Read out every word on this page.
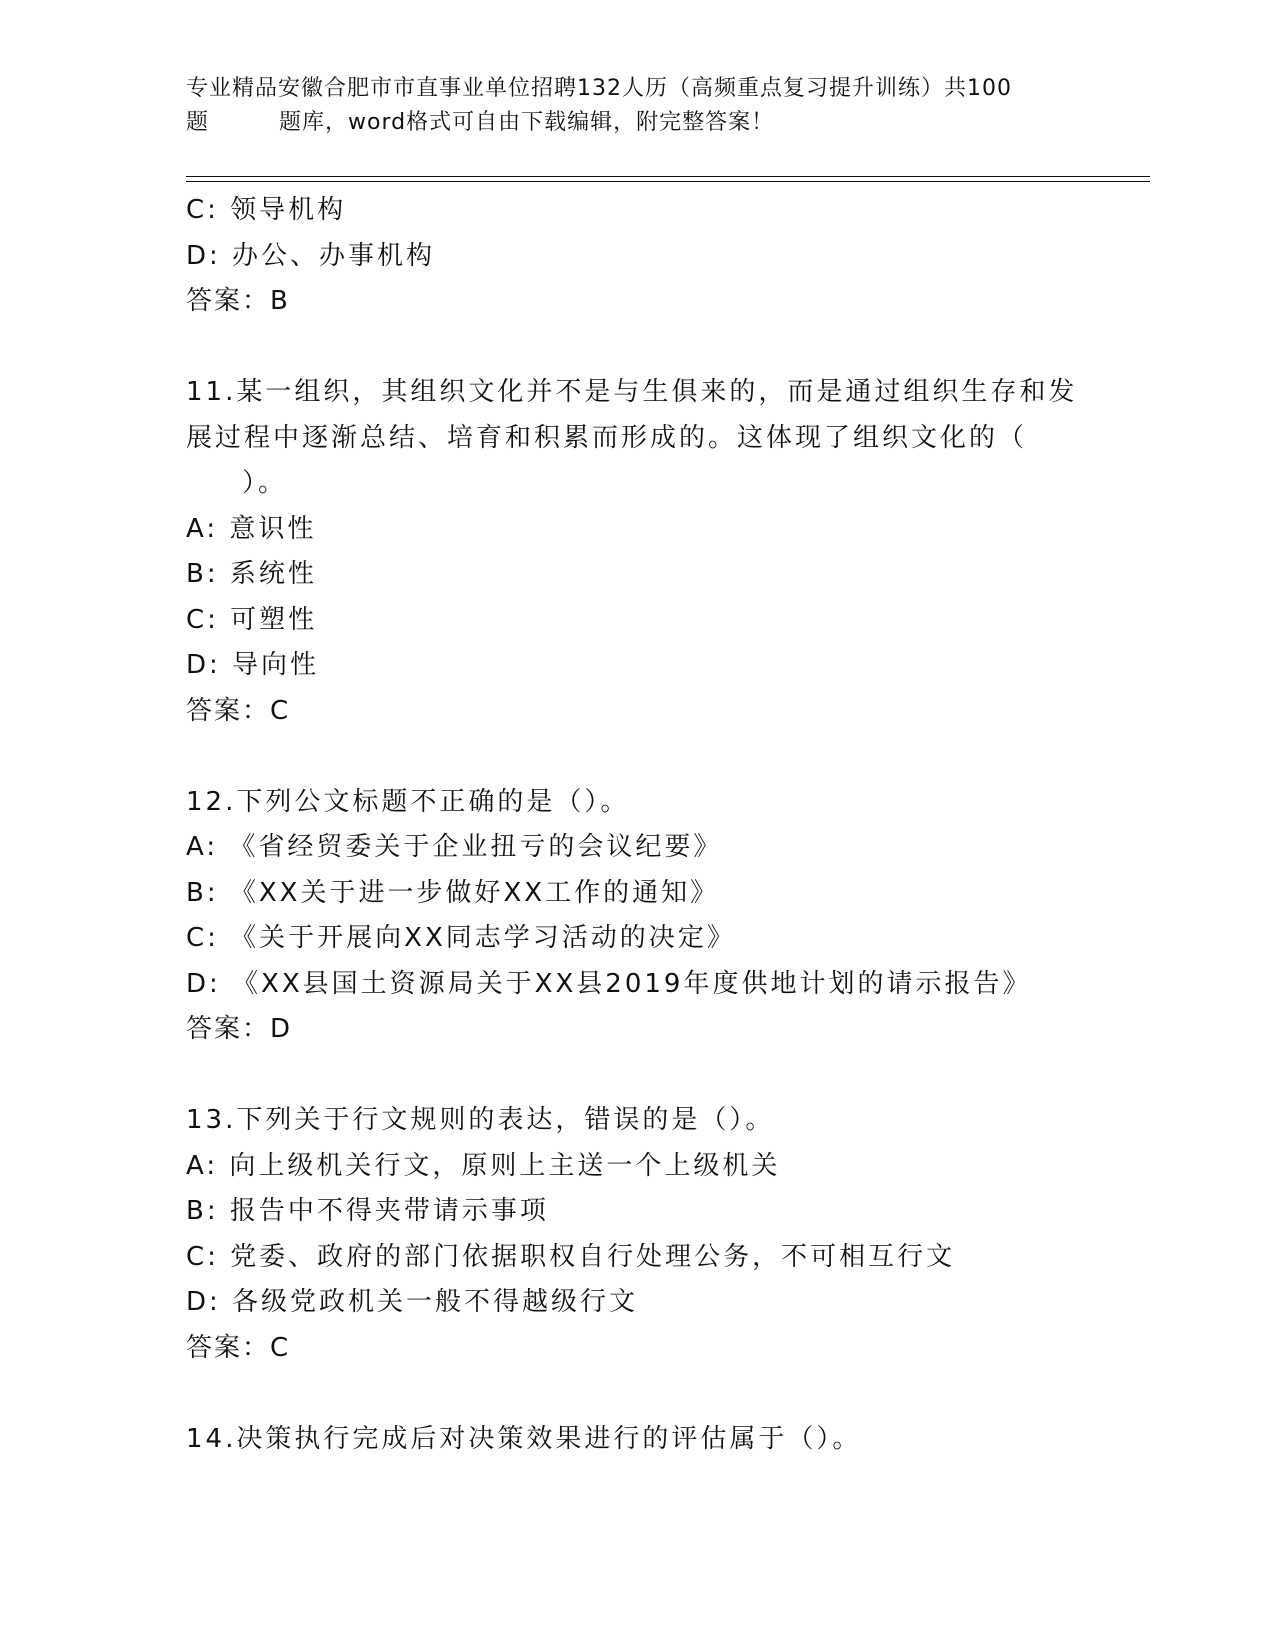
专业精品安徽合肥市市直事业单位招聘132人历（高频重点复习提升训练）共100
题	题库，word格式可自由下载编辑，附完整答案！
C: 领导机构
D: 办公、办事机构
答案：B
11.某一组织，其组织文化并不是与生俱来的，而是通过组织生存和发
展过程中逐渐总结、培育和积累而形成的。这体现了组织文化的（
）。
A: 意识性
B: 系统性
C: 可塑性
D: 导向性
答案：C
12.下列公文标题不正确的是（）。
A: 《省经贸委关于企业扭亏的会议纪要》
B: 《XX关于进一步做好XX工作的通知》
C: 《关于开展向XX同志学习活动的决定》
D: 《XX县国土资源局关于XX县2019年度供地计划的请示报告》
答案：D
13.下列关于行文规则的表达，错误的是（）。
A: 向上级机关行文，原则上主送一个上级机关
B: 报告中不得夹带请示事项
C: 党委、政府的部门依据职权自行处理公务，不可相互行文
D: 各级党政机关一般不得越级行文
答案：C
14.决策执行完成后对决策效果进行的评估属于（）。
